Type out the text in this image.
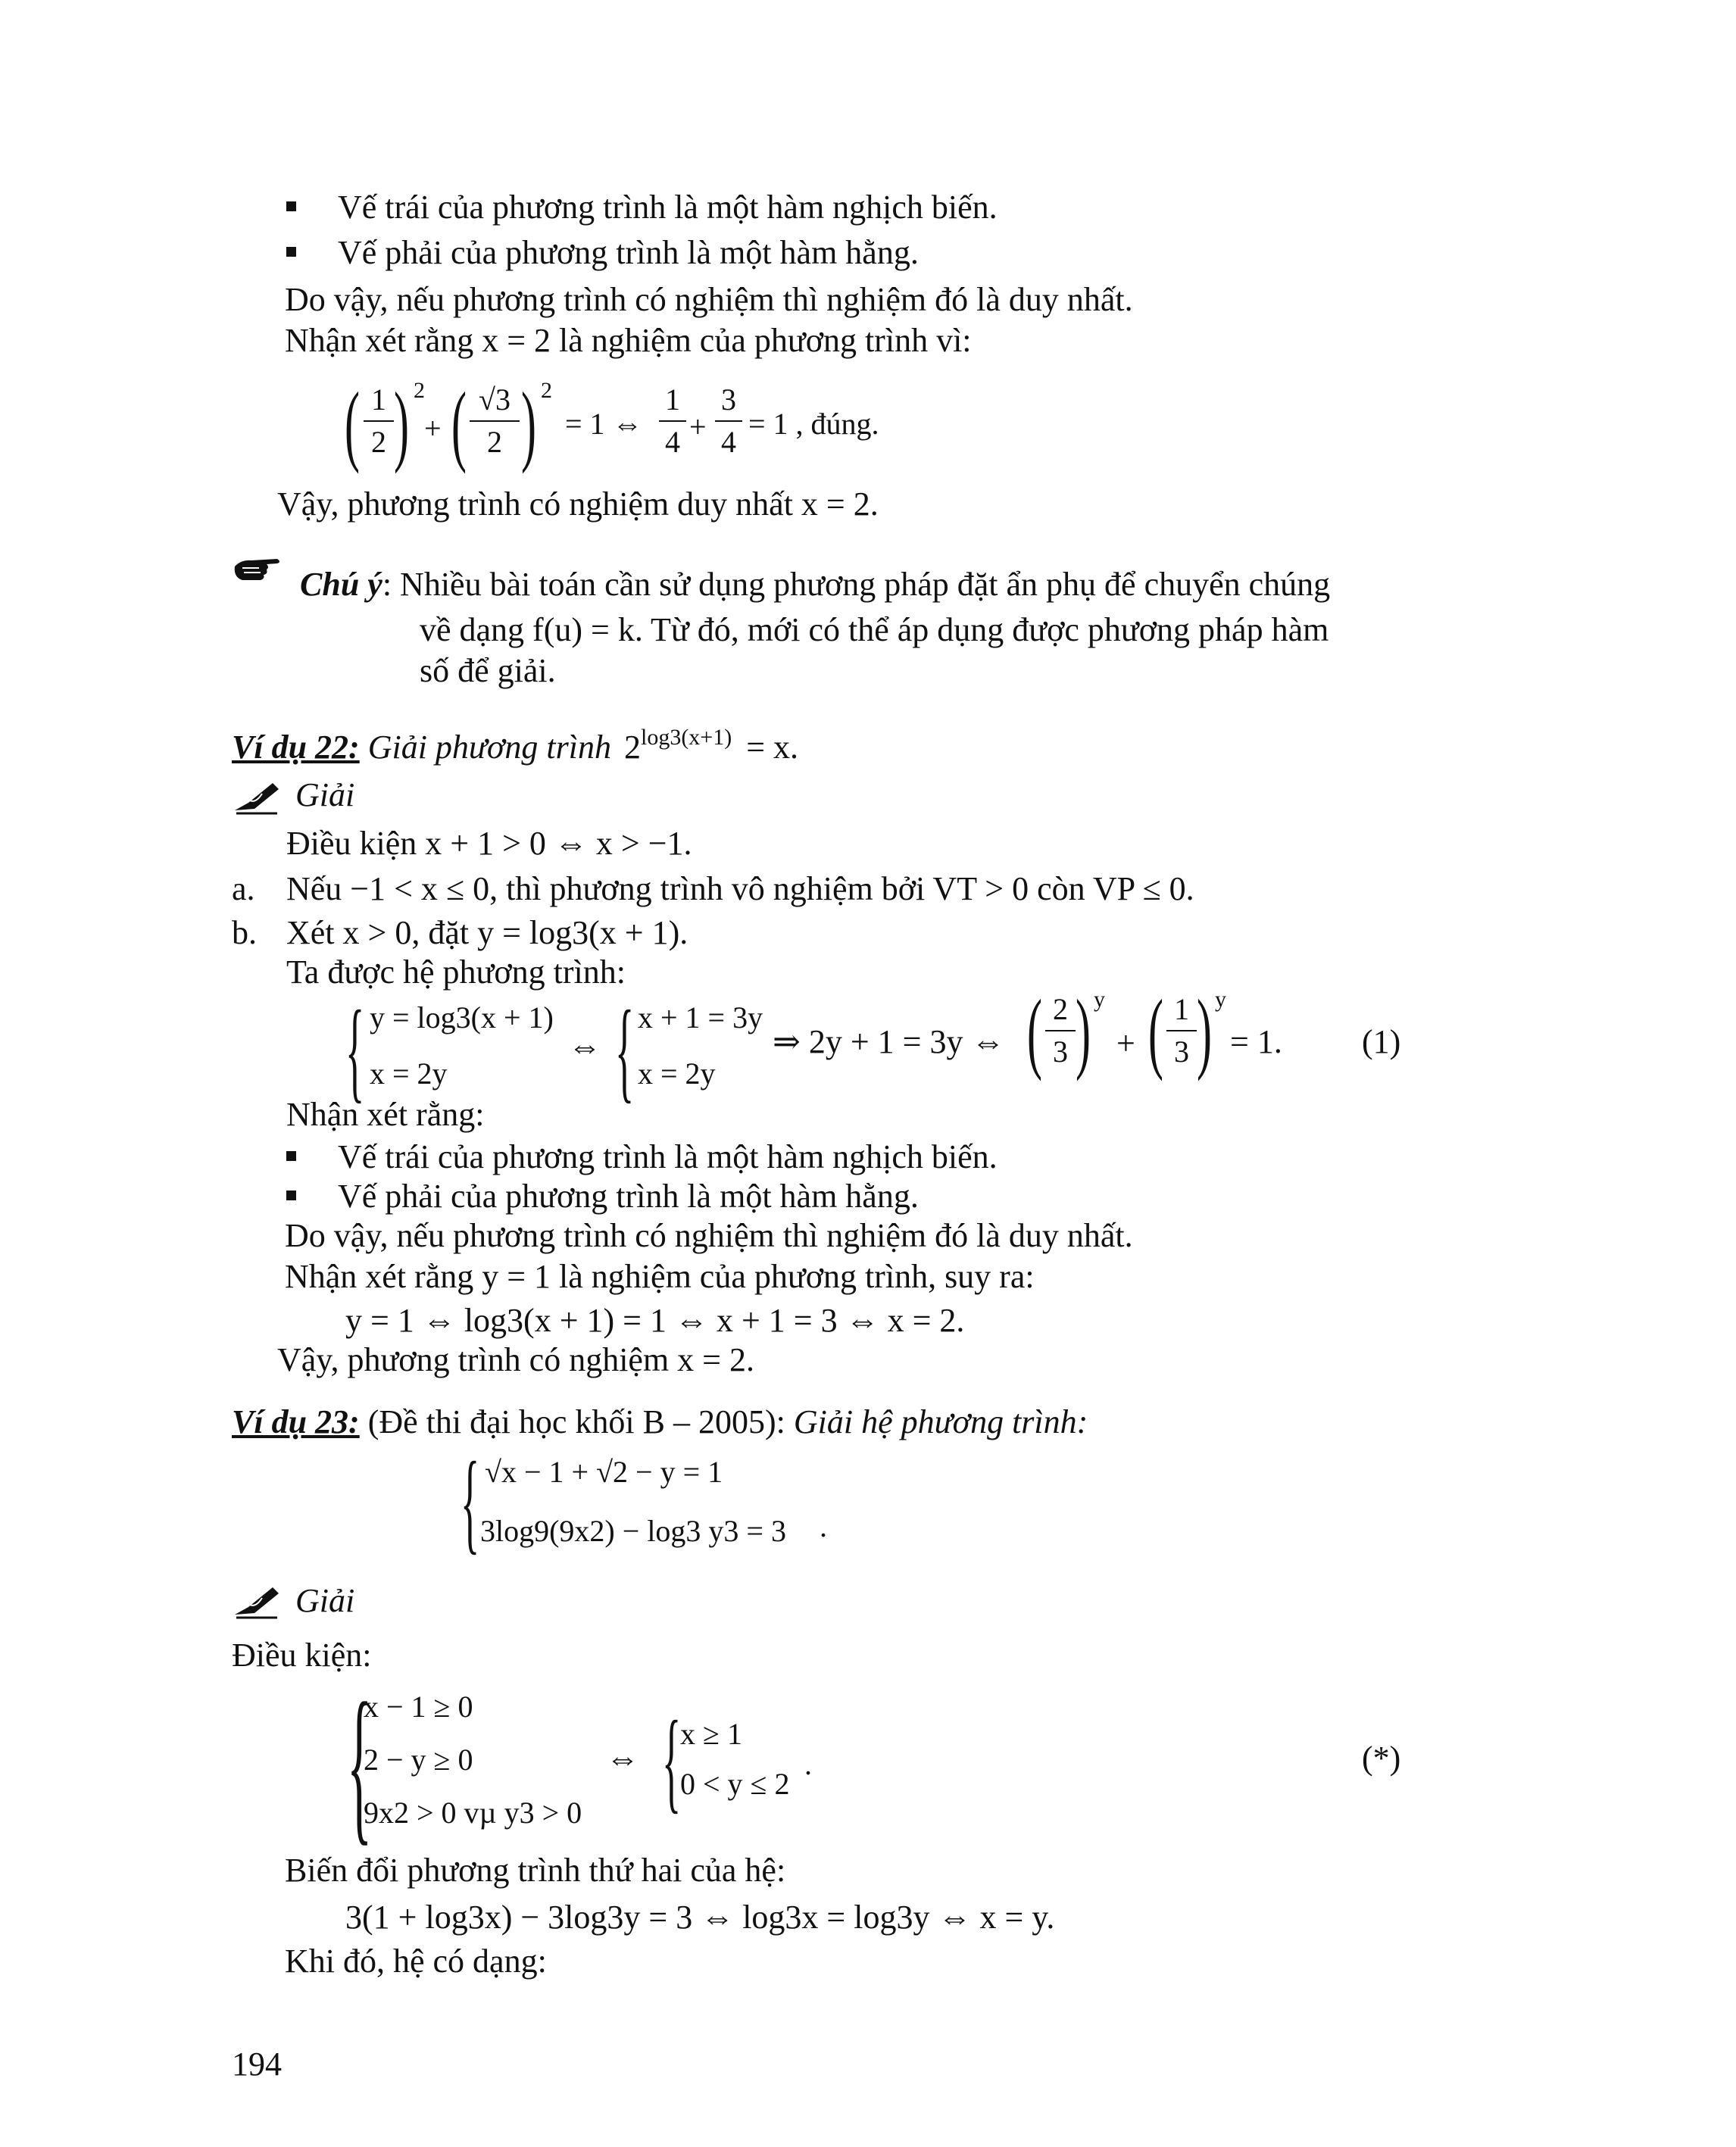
Vế trái của phương trình là một hàm nghịch biến.
Vế phải của phương trình là một hàm hằng.
Do vậy, nếu phương trình có nghiệm thì nghiệm đó là duy nhất.
Nhận xét rằng x = 2 là nghiệm của phương trình vì:
( 1
2 ) 2
+ ( √3
2 ) 2
= 1 ⇔
1
4 +
3
4
= 1 , đúng.
Vậy, phương trình có nghiệm duy nhất x = 2.
Chú ý: Nhiều bài toán cần sử dụng phương pháp đặt ẩn phụ để chuyển chúng
về dạng f(u) = k. Từ đó, mới có thể áp dụng được phương pháp hàm
số để giải.
Ví dụ 22: Giải phương trình $2^{log3(x+1)} = x$.
Giải
Điều kiện x + 1 > 0 ⇔ x > −1.
a. Nếu −1 < x ≤ 0, thì phương trình vô nghiệm bởi VT > 0 còn VP ≤ 0.
b. Xét x > 0, đặt y = log3(x + 1).
Ta được hệ phương trình:
{ y = log3(x + 1)
x = 2y
⇔ { x + 1 = 3y
x = 2y
⇒ 2y + 1 = 3y ⇔ ( 2
3 ) y
+ ( 1
3 ) y
= 1. (1)
Nhận xét rằng:
Vế trái của phương trình là một hàm nghịch biến.
Vế phải của phương trình là một hàm hằng.
Do vậy, nếu phương trình có nghiệm thì nghiệm đó là duy nhất.
Nhận xét rằng y = 1 là nghiệm của phương trình, suy ra:
y = 1 ⇔ log3(x + 1) = 1 ⇔ x + 1 = 3 ⇔ x = 2.
Vậy, phương trình có nghiệm x = 2.
Ví dụ 23: (Đề thi đại học khối B – 2005): Giải hệ phương trình:
{ √x − 1 + √2 − y = 1
3log9(9x2) − log3 y3 = 3 .
Giải
Điều kiện:
{
x − 1 ≥ 0
2 − y ≥ 0
9x2 > 0 vµ y3 > 0
⇔ {
x ≥ 1
0 < y ≤ 2
.	(*)
Biến đổi phương trình thứ hai của hệ:
3(1 + log3x) − 3log3y = 3 ⇔ log3x = log3y ⇔ x = y.
Khi đó, hệ có dạng:
194
